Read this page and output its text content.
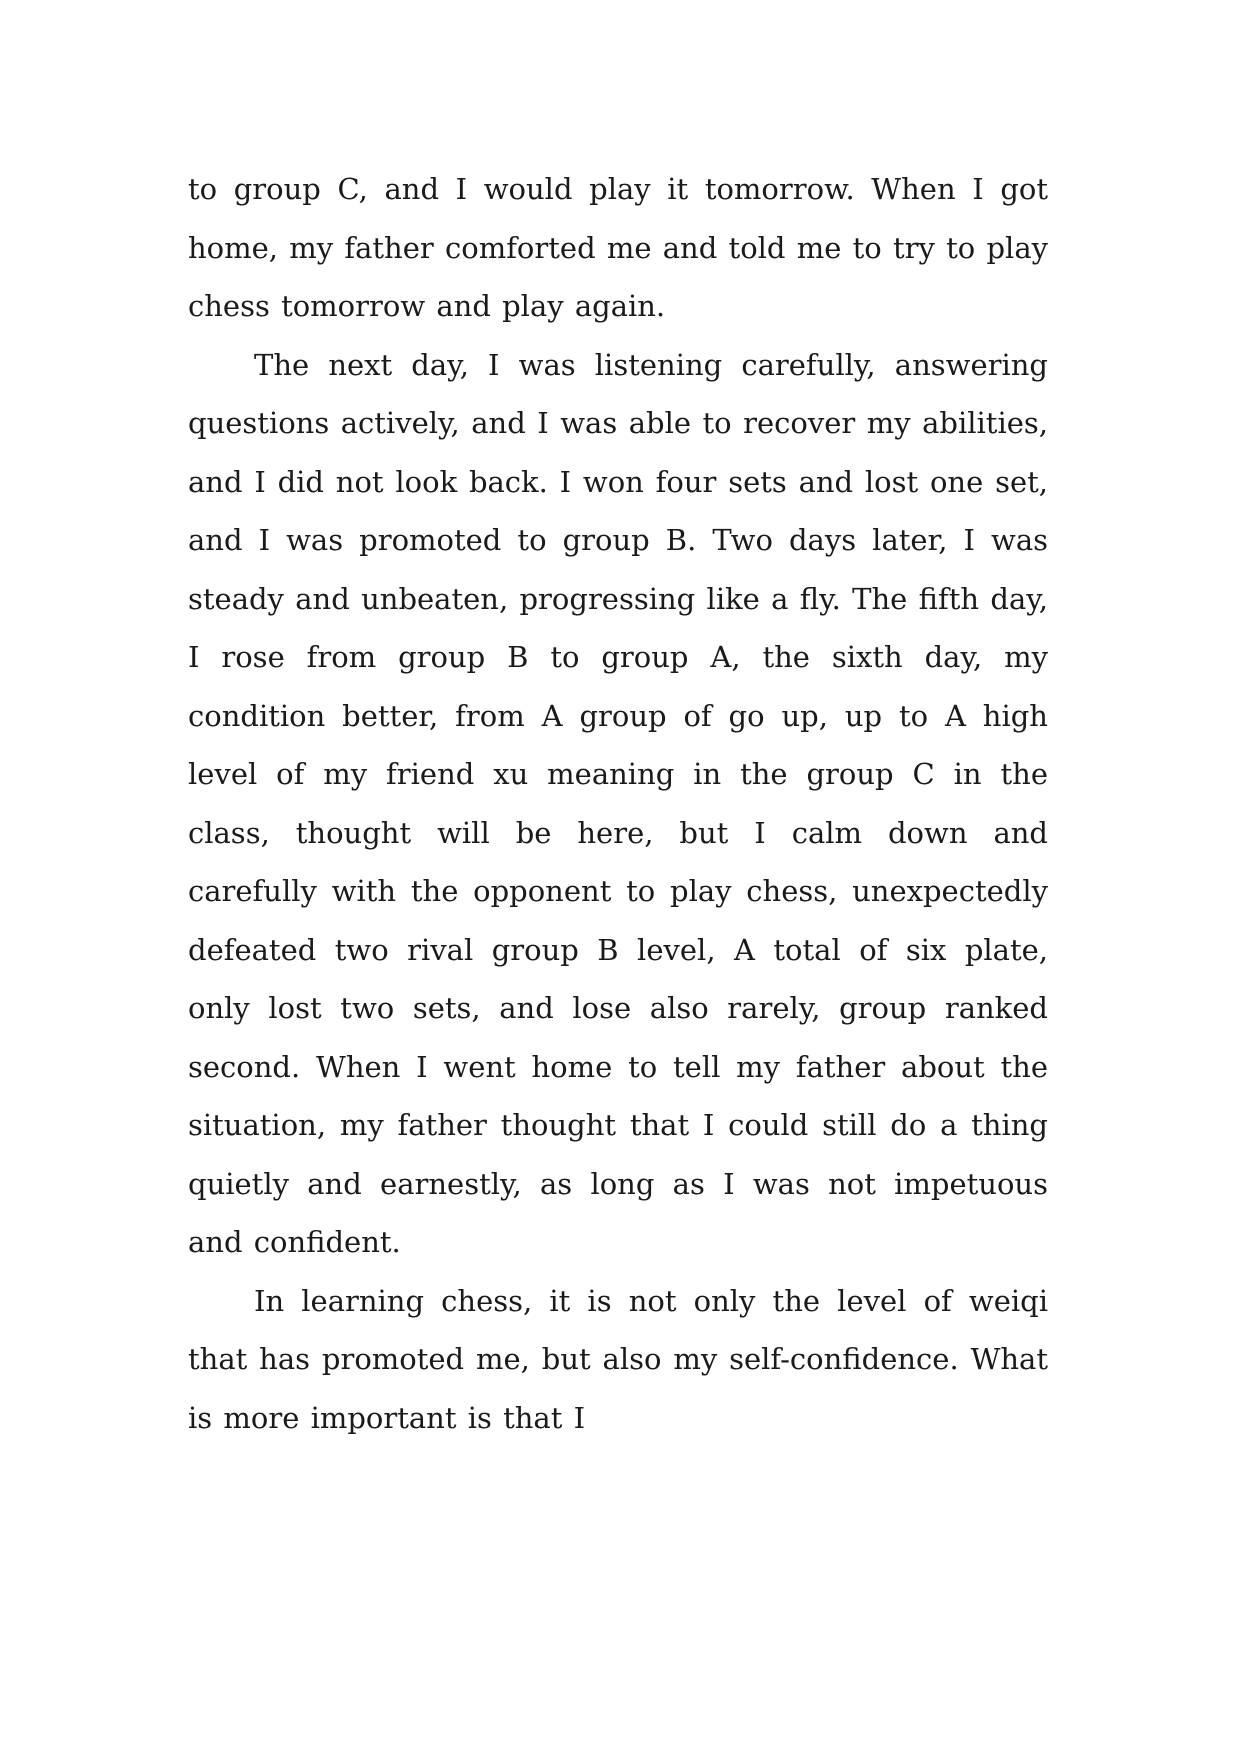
to group C, and I would play it tomorrow. When I got home, my father comforted me and told me to try to play chess tomorrow and play again.

The next day, I was listening carefully, answering questions actively, and I was able to recover my abilities, and I did not look back. I won four sets and lost one set, and I was promoted to group B. Two days later, I was steady and unbeaten, progressing like a fly. The fifth day, I rose from group B to group A, the sixth day, my condition better, from A group of go up, up to A high level of my friend xu meaning in the group C in the class, thought will be here, but I calm down and carefully with the opponent to play chess, unexpectedly defeated two rival group B level, A total of six plate, only lost two sets, and lose also rarely, group ranked second. When I went home to tell my father about the situation, my father thought that I could still do a thing quietly and earnestly, as long as I was not impetuous and confident.

In learning chess, it is not only the level of weiqi that has promoted me, but also my self-confidence. What is more important is that I
